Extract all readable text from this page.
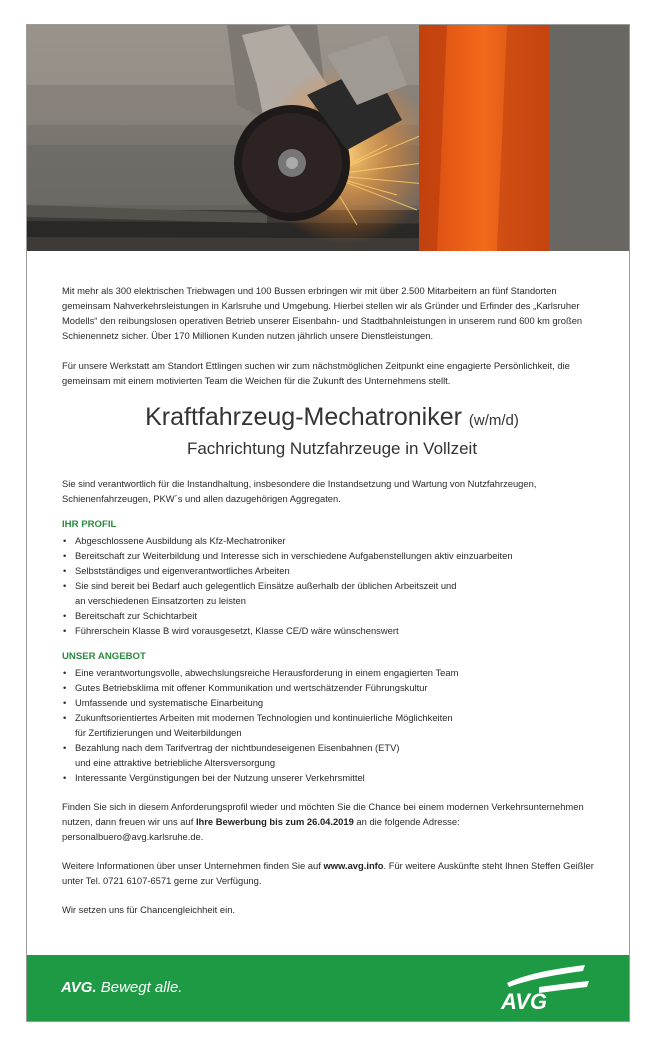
Mit mehr als 300 elektrischen Triebwagen und 100 Bussen erbringen wir mit über 2.500 Mitarbeitern an fünf Standorten gemeinsam Nahverkehrsleistungen in Karlsruhe und Umgebung. Hierbei stellen wir als Gründer und Erfinder des „Karlsruher Modells“ den reibungslosen operativen Betrieb unserer Eisenbahn- und Stadtbahnleistungen in unserem rund 600 km großen Schienennetz sicher. Über 170 Millionen Kunden nutzen jährlich unsere Dienstleistungen.

Für unsere Werkstatt am Standort Ettlingen suchen wir zum nächstmöglichen Zeitpunkt eine engagierte Persönlichkeit, die gemeinsam mit einem motivierten Team die Weichen für die Zukunft des Unternehmens stellt.

Kraftfahrzeug-Mechatroniker (w/m/d)
Fachrichtung Nutzfahrzeuge in Vollzeit

Sie sind verantwortlich für die Instandhaltung, insbesondere die Instandsetzung und Wartung von Nutzfahrzeugen, Schienenfahrzeugen, PKW´s und allen dazugehörigen Aggregaten.

IHR PROFIL
• Abgeschlossene Ausbildung als Kfz-Mechatroniker
• Bereitschaft zur Weiterbildung und Interesse sich in verschiedene Aufgabenstellungen aktiv einzuarbeiten
• Selbstständiges und eigenverantwortliches Arbeiten
• Sie sind bereit bei Bedarf auch gelegentlich Einsätze außerhalb der üblichen Arbeitszeit und
an verschiedenen Einsatzorten zu leisten
• Bereitschaft zur Schichtarbeit
• Führerschein Klasse B wird vorausgesetzt, Klasse CE/D wäre wünschenswert
UNSER ANGEBOT
• Eine verantwortungsvolle, abwechslungsreiche Herausforderung in einem engagierten Team
• Gutes Betriebsklima mit offener Kommunikation und wertschätzender Führungskultur
• Umfassende und systematische Einarbeitung
• Zukunftsorientiertes Arbeiten mit modernen Technologien und kontinuierliche Möglichkeiten
für Zertifizierungen und Weiterbildungen
• Bezahlung nach dem Tarifvertrag der nichtbundeseigenen Eisenbahnen (ETV)
und eine attraktive betriebliche Altersversorgung
• Interessante Vergünstigungen bei der Nutzung unserer Verkehrsmittel

Finden Sie sich in diesem Anforderungsprofil wieder und möchten Sie die Chance bei einem modernen Verkehrsunternehmen nutzen, dann freuen wir uns auf Ihre Bewerbung bis zum 26.04.2019 an die folgende Adresse: personalbuero@avg.karlsruhe.de.

Weitere Informationen über unser Unternehmen finden Sie auf www.avg.info. Für weitere Auskünfte steht Ihnen Steffen Geißler unter Tel. 0721 6107-6571 gerne zur Verfügung.

Wir setzen uns für Chancengleichheit ein.

AVG. Bewegt alle.
AVG
